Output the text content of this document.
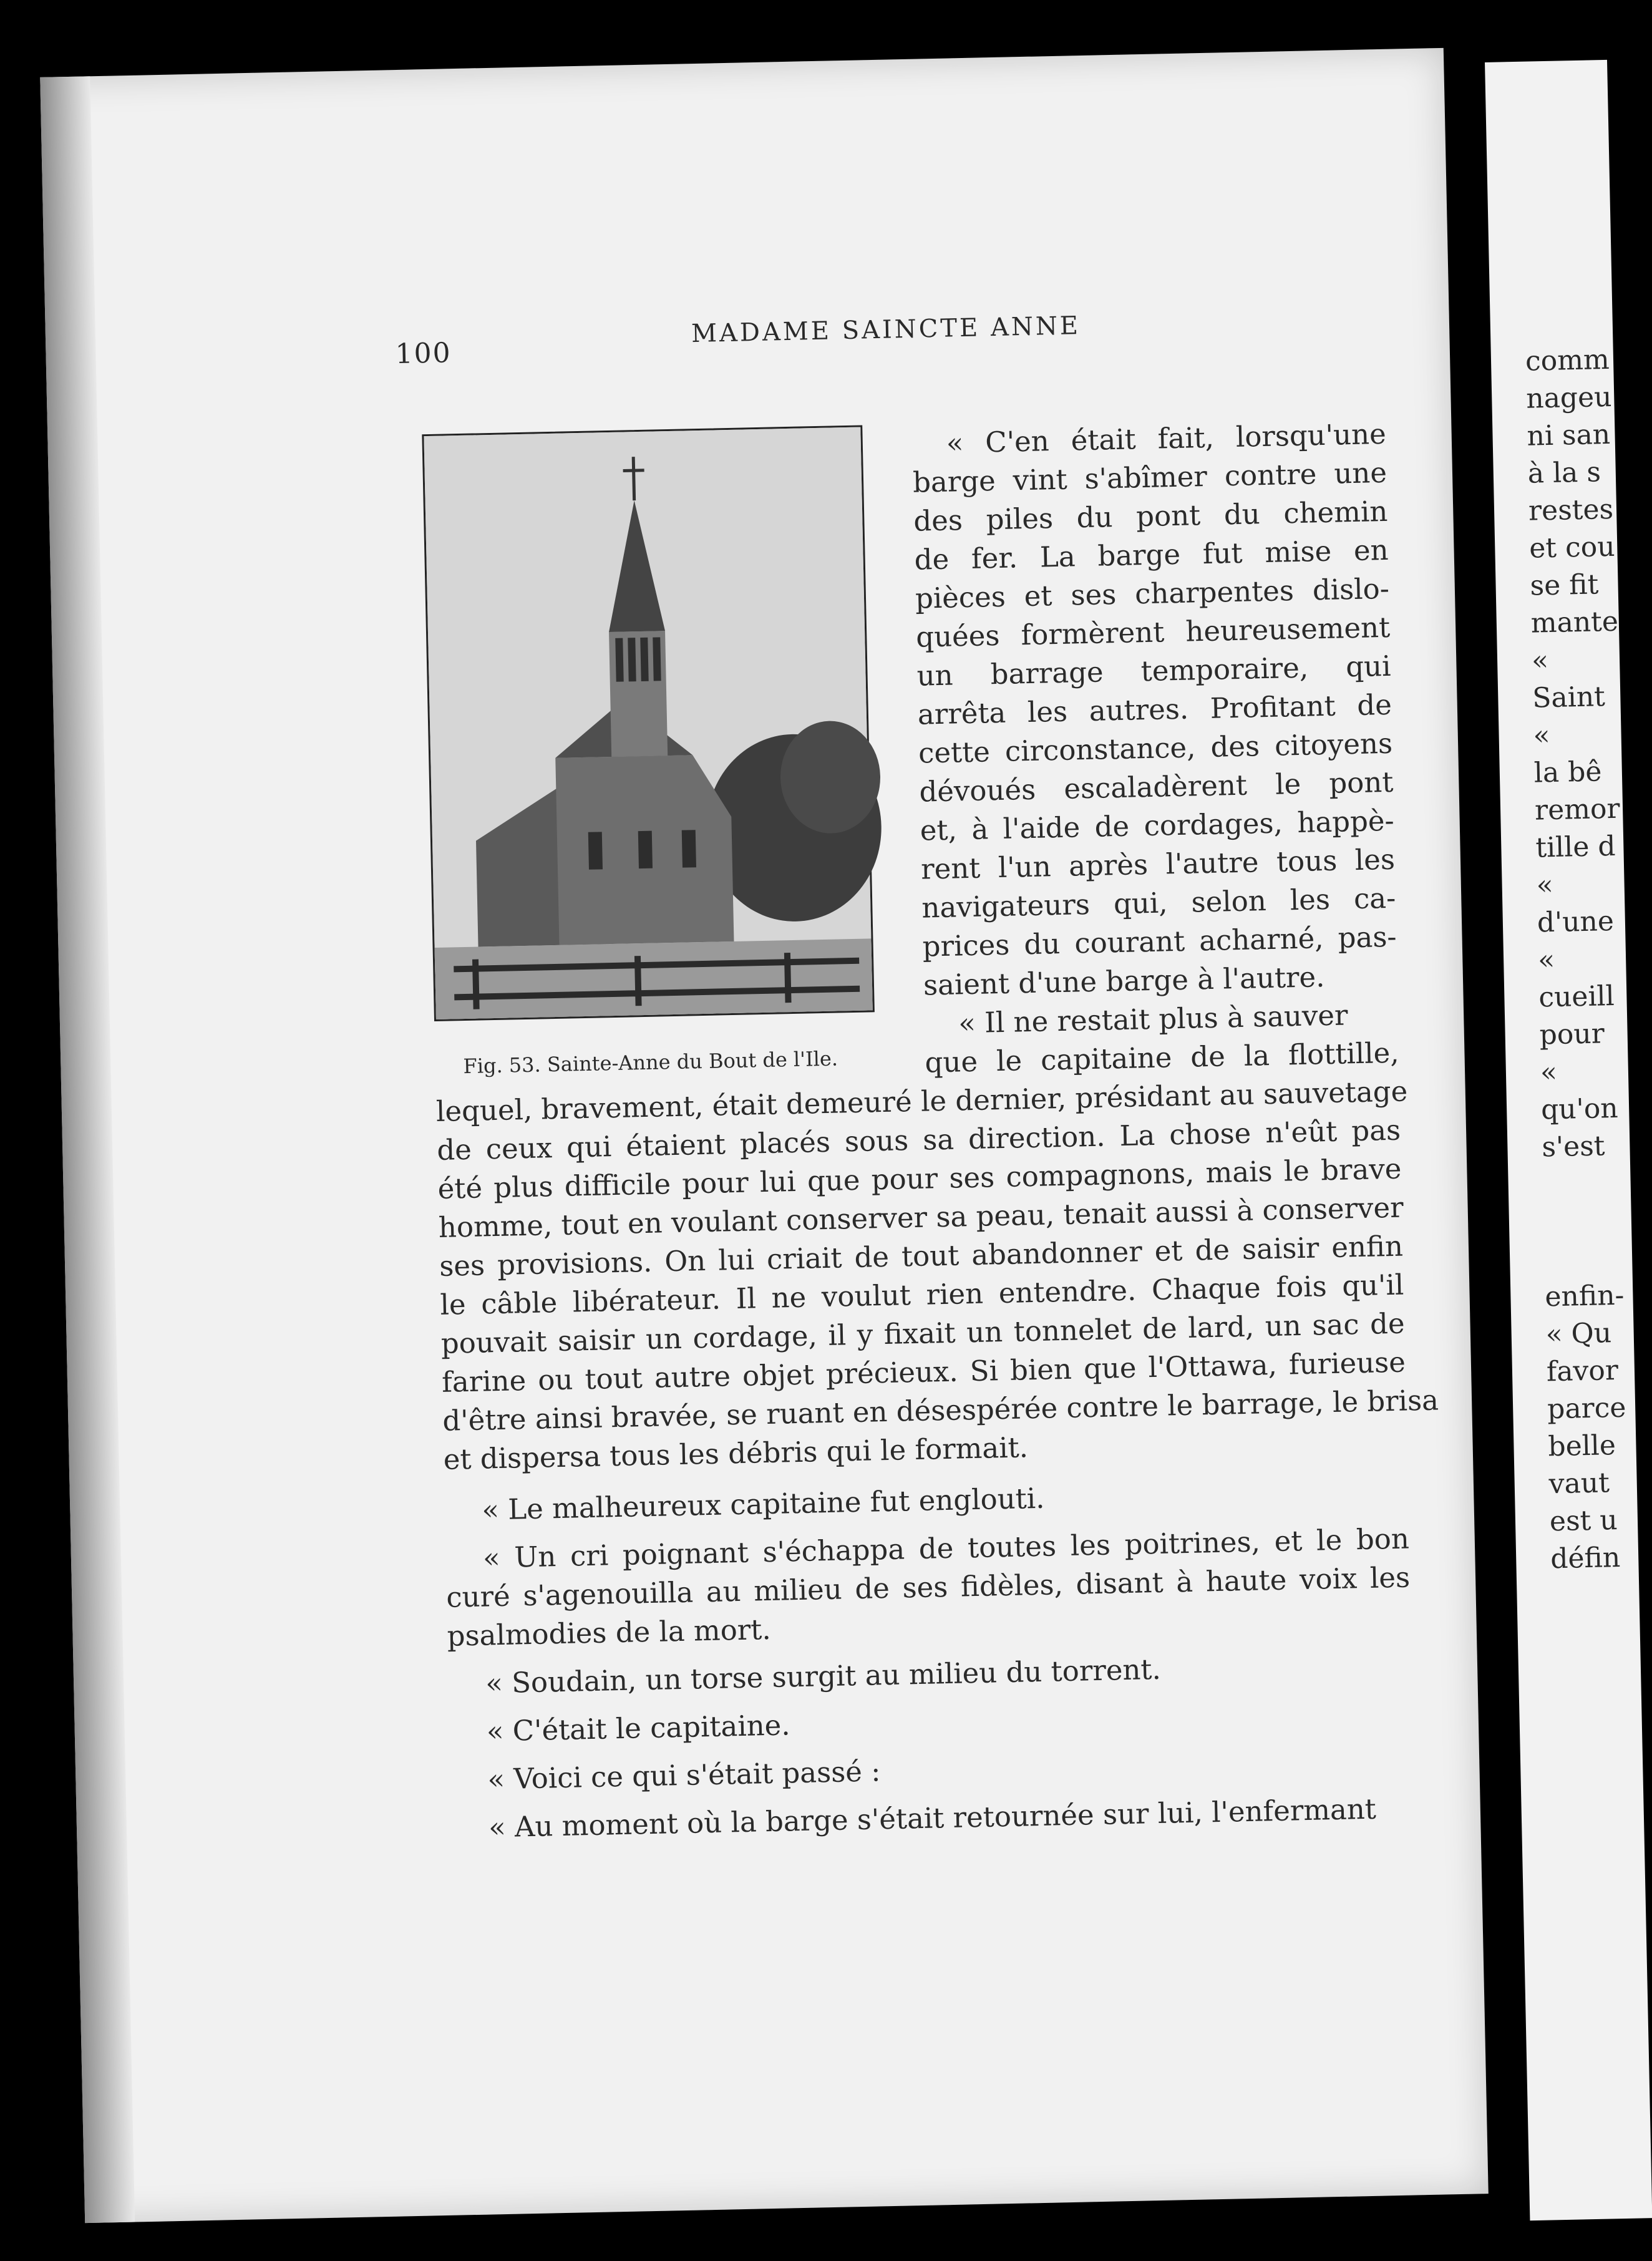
comm
nageu
ni san
à la s
restes
et cou
se fit
mante
«
Saint
«
la bê
remor
tille d
«
d'une
«
cueill
pour
«
qu'on
s'est
enfin-
« Qu
favor
parce
belle
vaut
est u
défin
100
MADAME SAINCTE ANNE
Fig. 53. Sainte-Anne du Bout de l'Ile.
« C'en était fait, lorsqu'une
barge vint s'abîmer contre une
des piles du pont du chemin
de fer. La barge fut mise en
pièces et ses charpentes dislo-
quées formèrent heureusement
un barrage temporaire, qui
arrêta les autres. Profitant de
cette circonstance, des citoyens
dévoués escaladèrent le pont
et, à l'aide de cordages, happè-
rent l'un après l'autre tous les
navigateurs qui, selon les ca-
prices du courant acharné, pas-
saient d'une barge à l'autre.
« Il ne restait plus à sauver
que le capitaine de la flottille,
lequel, bravement, était demeuré le dernier, présidant au sauvetage
de ceux qui étaient placés sous sa direction. La chose n'eût pas
été plus difficile pour lui que pour ses compagnons, mais le brave
homme, tout en voulant conserver sa peau, tenait aussi à conserver
ses provisions. On lui criait de tout abandonner et de saisir enfin
le câble libérateur. Il ne voulut rien entendre. Chaque fois qu'il
pouvait saisir un cordage, il y fixait un tonnelet de lard, un sac de
farine ou tout autre objet précieux. Si bien que l'Ottawa, furieuse
d'être ainsi bravée, se ruant en désespérée contre le barrage, le brisa
et dispersa tous les débris qui le formait.
« Le malheureux capitaine fut englouti.
« Un cri poignant s'échappa de toutes les poitrines, et le bon
curé s'agenouilla au milieu de ses fidèles, disant à haute voix les
psalmodies de la mort.
« Soudain, un torse surgit au milieu du torrent.
« C'était le capitaine.
« Voici ce qui s'était passé :
« Au moment où la barge s'était retournée sur lui, l'enfermant
